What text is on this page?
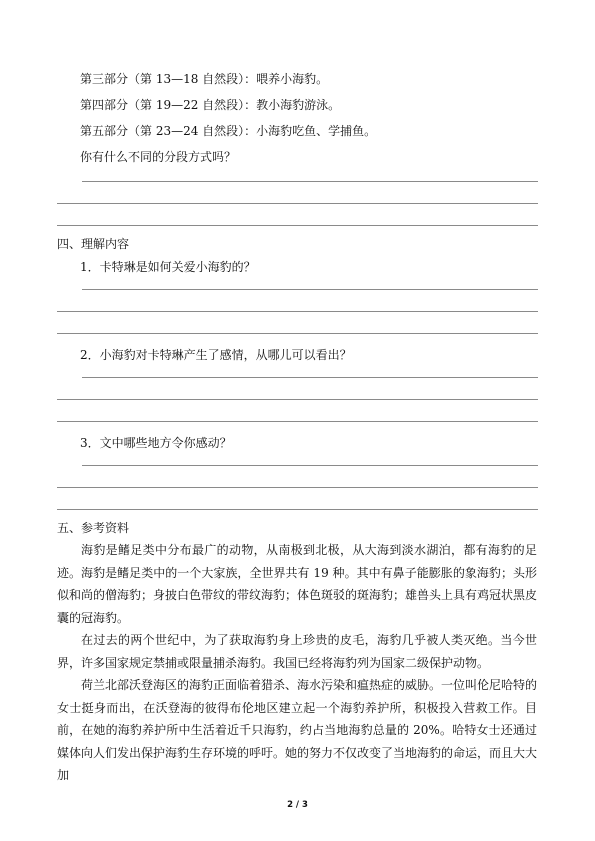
第三部分（第 13—18 自然段）：喂养小海豹。
第四部分（第 19—22 自然段）：教小海豹游泳。
第五部分（第 23—24 自然段）：小海豹吃鱼、学捕鱼。
你有什么不同的分段方式吗？
四、理解内容
1．卡特琳是如何关爱小海豹的？
2．小海豹对卡特琳产生了感情，从哪儿可以看出？
3．文中哪些地方令你感动？
五、参考资料
海豹是鳍足类中分布最广的动物，从南极到北极，从大海到淡水湖泊，都有海豹的足迹。海豹是鳍足类中的一个大家族，全世界共有 19 种。其中有鼻子能膨胀的象海豹；头形似和尚的僧海豹；身披白色带纹的带纹海豹；体色斑驳的斑海豹；雄兽头上具有鸡冠状黑皮囊的冠海豹。
在过去的两个世纪中，为了获取海豹身上珍贵的皮毛，海豹几乎被人类灭绝。当今世界，许多国家规定禁捕或限量捕杀海豹。我国已经将海豹列为国家二级保护动物。
荷兰北部沃登海区的海豹正面临着猎杀、海水污染和瘟热症的威胁。一位叫伦尼哈特的女士挺身而出，在沃登海的彼得布伦地区建立起一个海豹养护所，积极投入营救工作。目前，在她的海豹养护所中生活着近千只海豹，约占当地海豹总量的 20%。哈特女士还通过媒体向人们发出保护海豹生存环境的呼吁。她的努力不仅改变了当地海豹的命运，而且大大加
2 / 3
